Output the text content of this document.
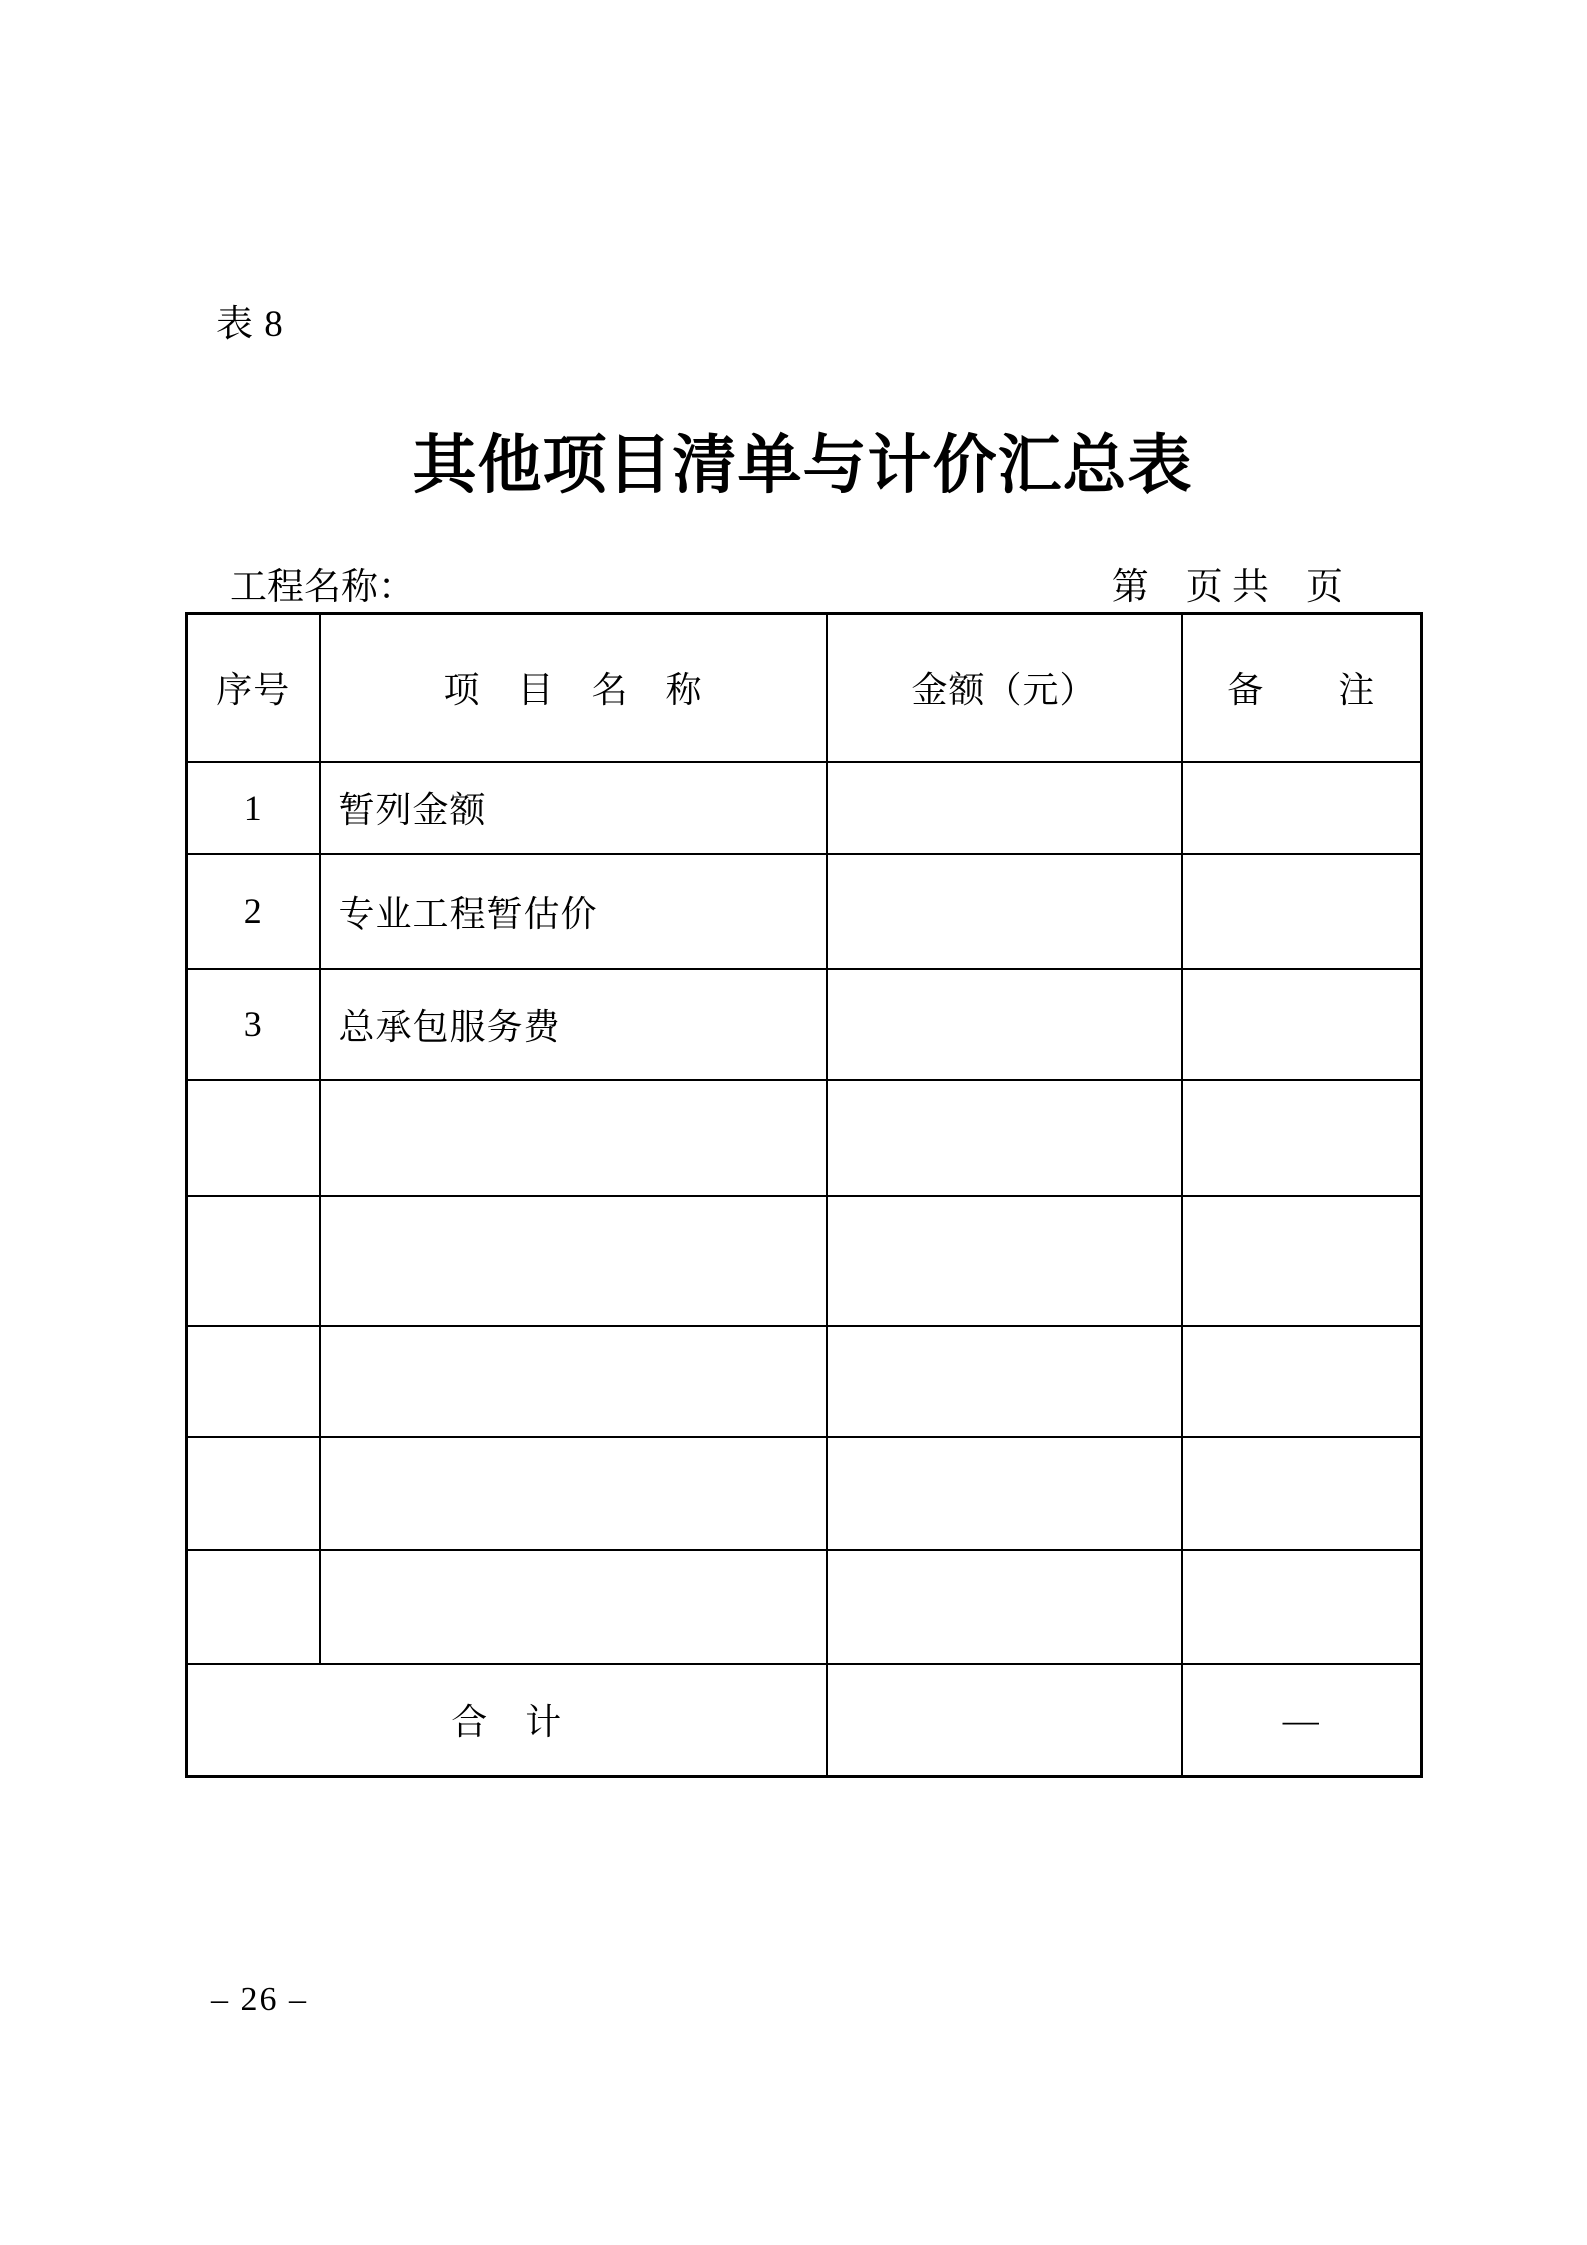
表 8
其他项目清单与计价汇总表
工程名称：	第　页 共　页
序号	项　目　名　称	金额（元）	备　　注
1	暂列金额		
2	专业工程暂估价		
3	总承包服务费		

合　计			—
– 26 –
